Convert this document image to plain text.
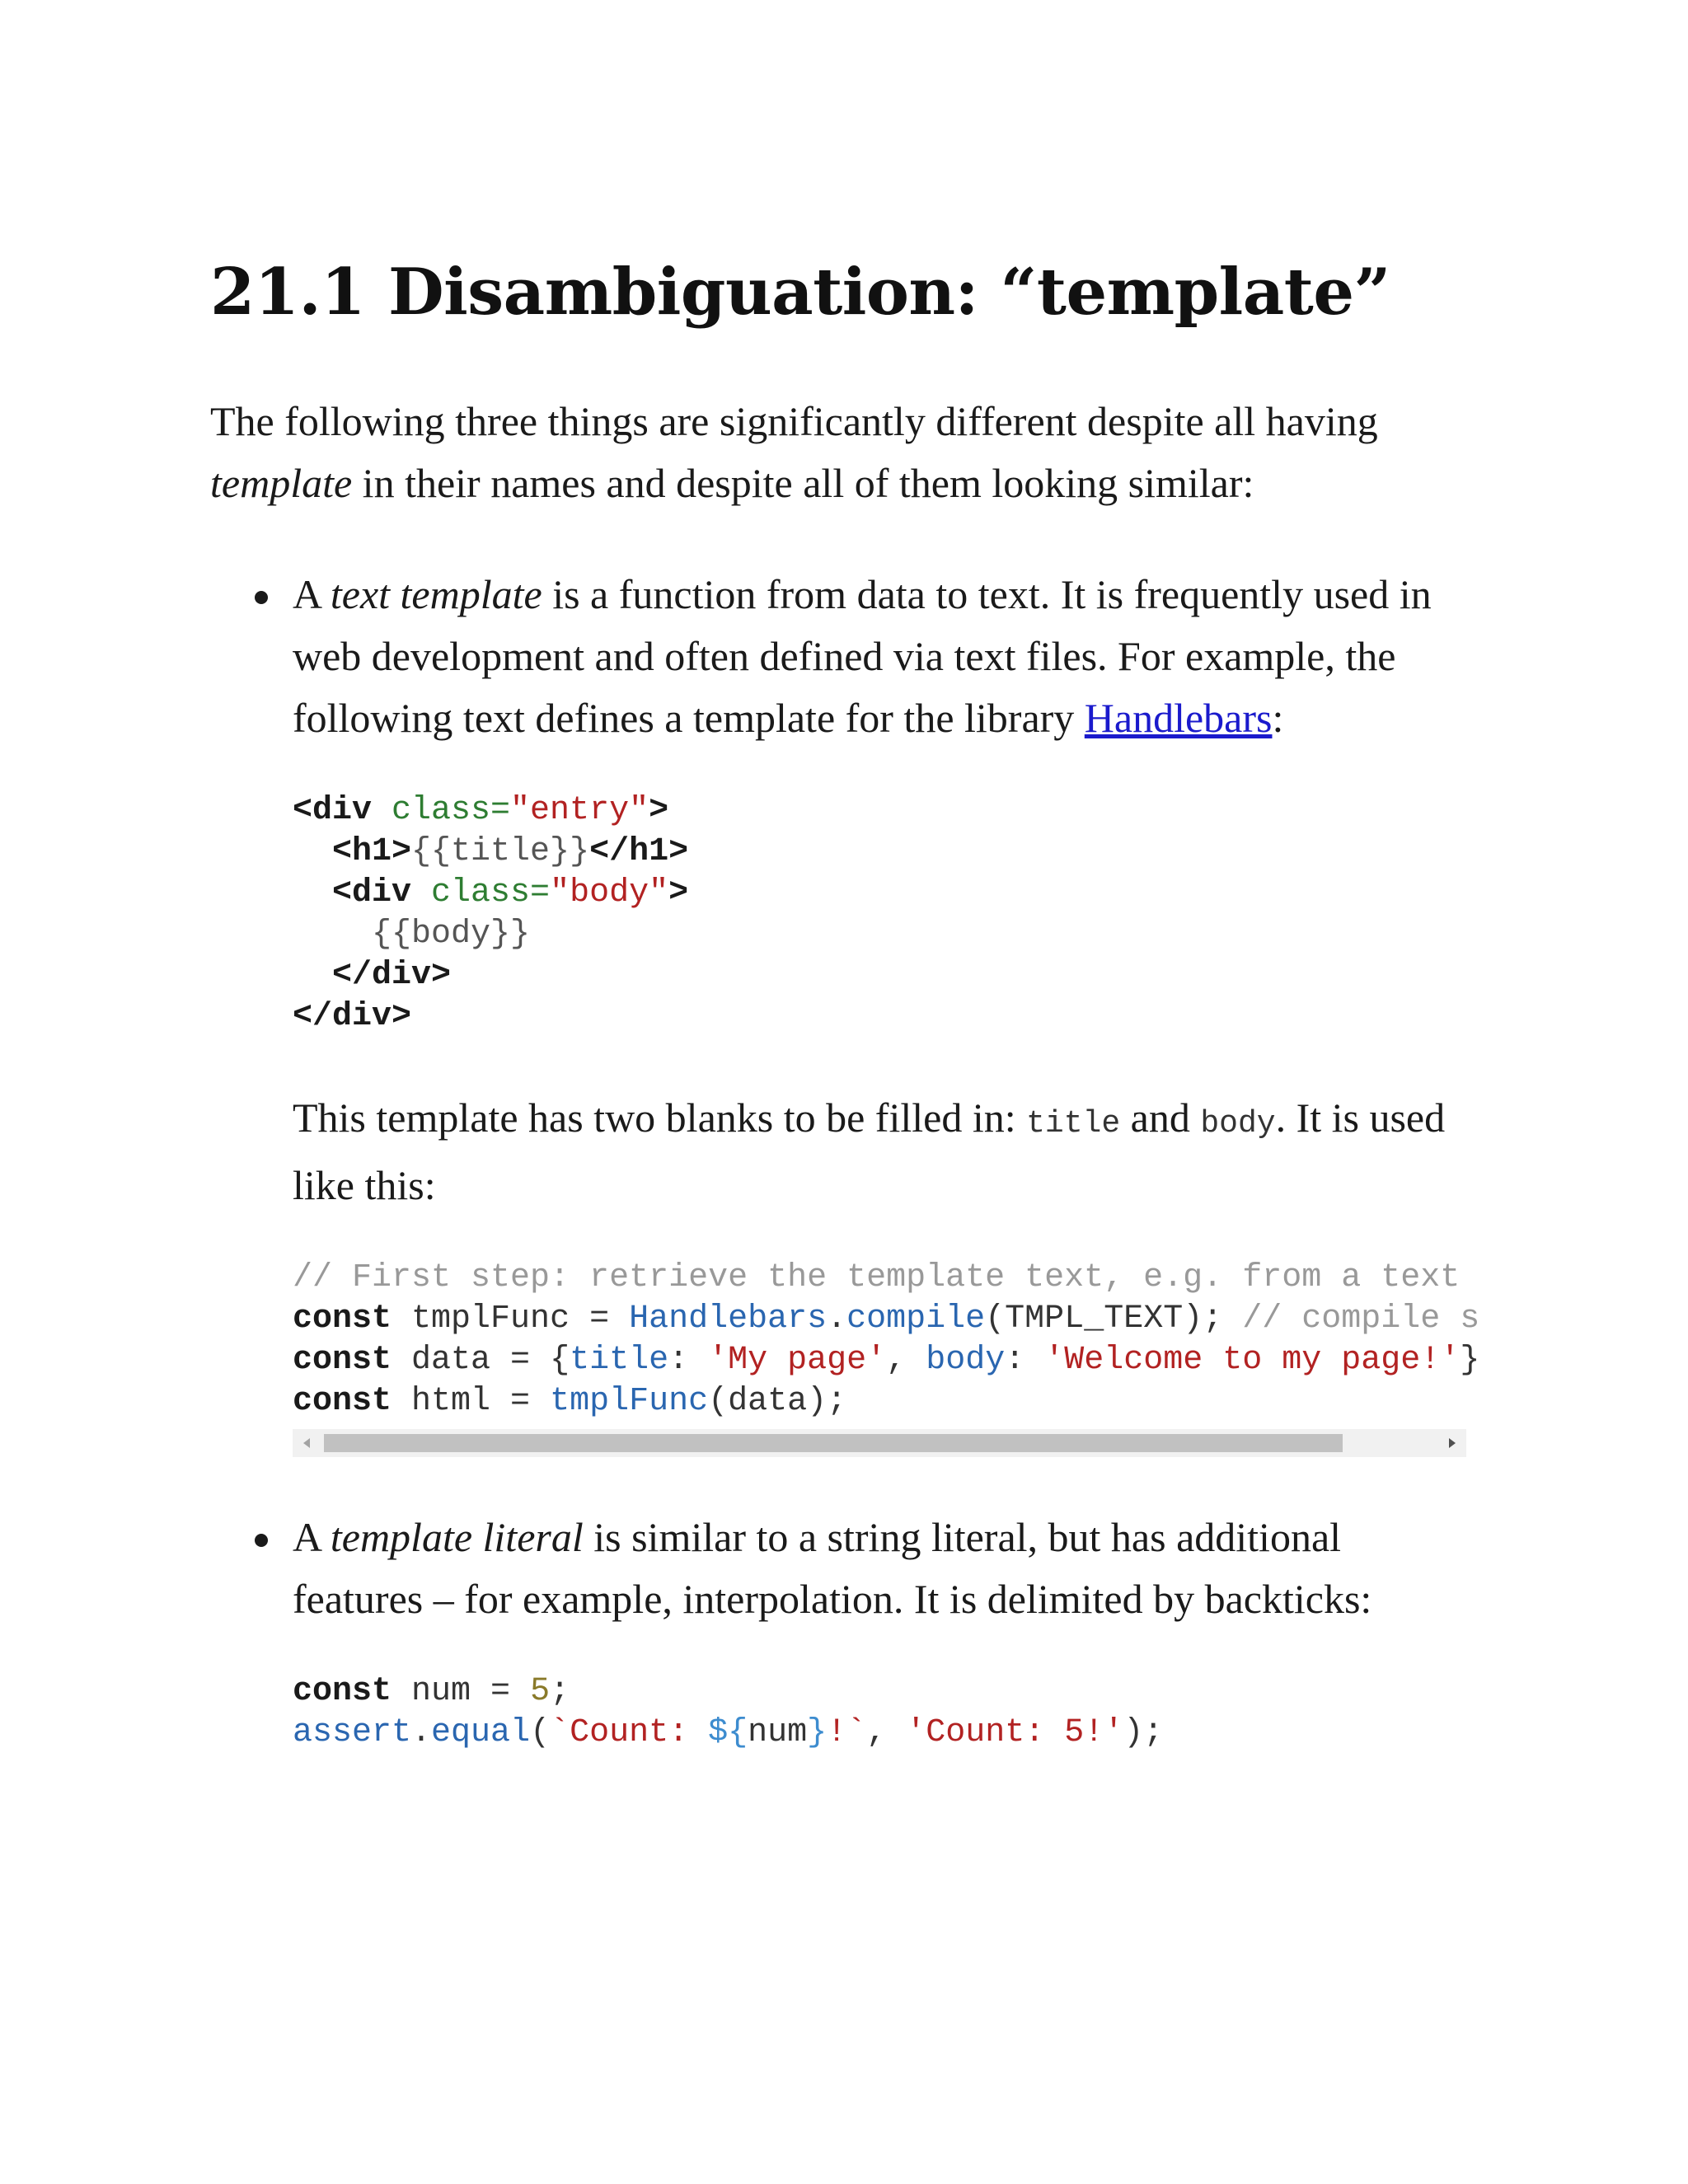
21.1 Disambiguation: “template”

The following three things are significantly different despite all having template in their names and despite all of them looking similar:

A text template is a function from data to text. It is frequently used in web development and often defined via text files. For example, the following text defines a template for the library Handlebars:

<div class="entry">
<h1>{{title}}</h1>
<div class="body">
{{body}}
</div>
</div>

This template has two blanks to be filled in: title and body. It is used like this:

// First step: retrieve the template text, e.g. from a text
const tmplFunc = Handlebars.compile(TMPL_TEXT); // compile s
const data = {title: 'My page', body: 'Welcome to my page!'}
const html = tmplFunc(data);

A template literal is similar to a string literal, but has additional features – for example, interpolation. It is delimited by backticks:

const num = 5;
assert.equal(`Count: ${num}!`, 'Count: 5!');
